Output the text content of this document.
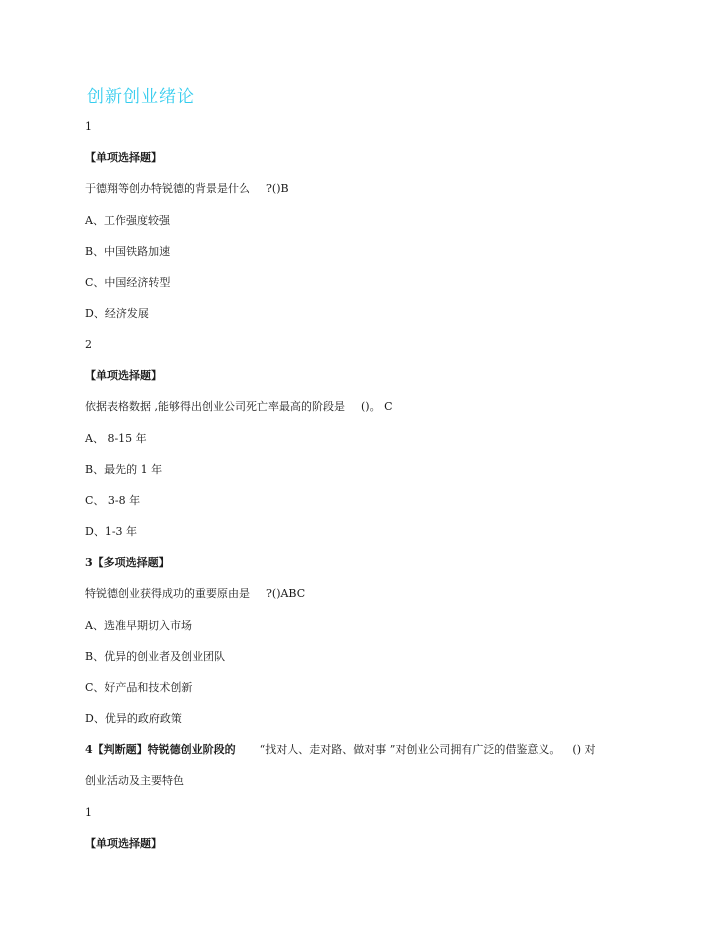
创新创业绪论
1
【单项选择题】
于德翔等创办特锐德的背景是什么 ?()B
A、工作强度较强
B、中国铁路加速
C、中国经济转型
D、经济发展
2
【单项选择题】
依据表格数据 ,能够得出创业公司死亡率最高的阶段是 ()。 C
A、 8-15 年
B、最先的 1 年
C、 3-8 年
D、1-3 年
3【多项选择题】
特锐德创业获得成功的重要原由是 ?()ABC
A、选准早期切入市场
B、优异的创业者及创业团队
C、好产品和技术创新
D、优异的政府政策
4【判断题】特锐德创业阶段的 “找对人、走对路、做对事 ”对创业公司拥有广泛的借鉴意义。 () 对
创业活动及主要特色
1
【单项选择题】
